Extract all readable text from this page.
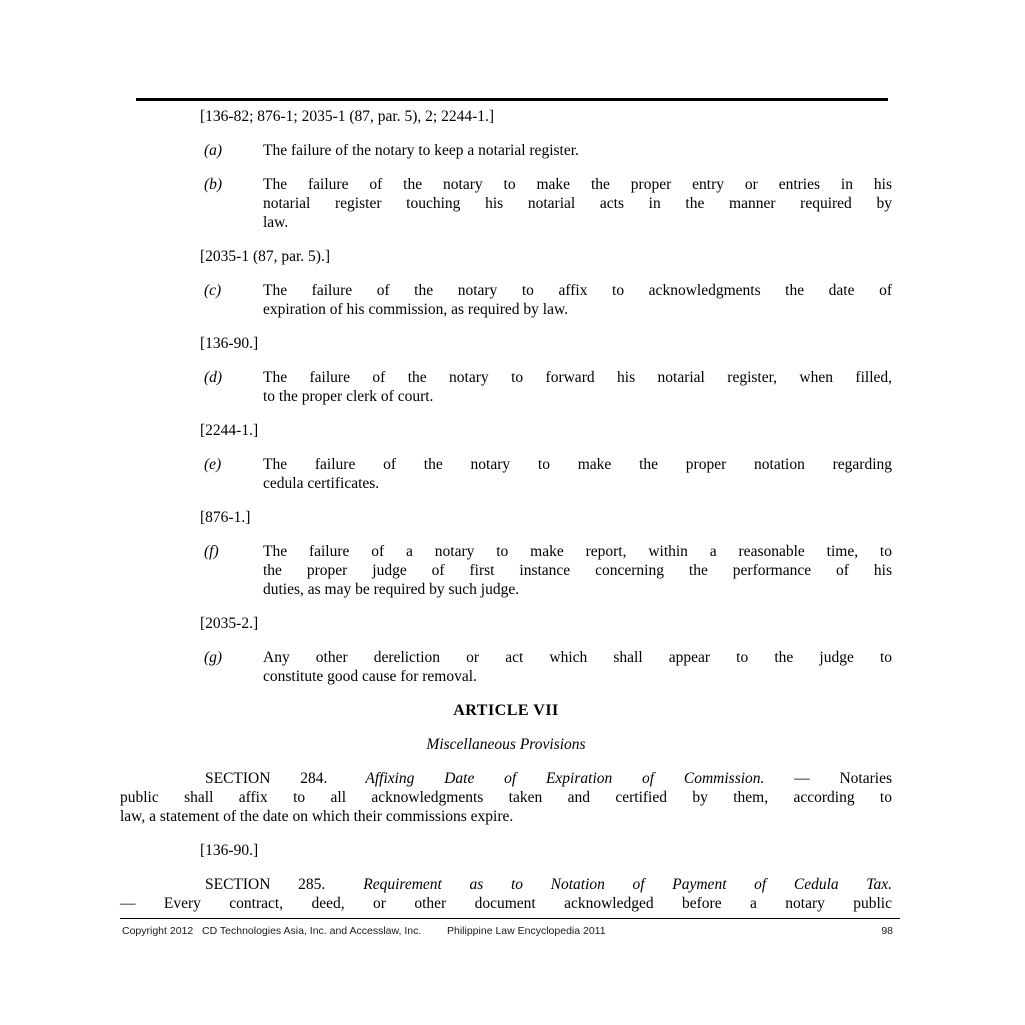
[136-82; 876-1; 2035-1 (87, par. 5), 2; 2244-1.]
(a)	The failure of the notary to keep a notarial register.
(b)	The failure of the notary to make the proper entry or entries in his
notarial register touching his notarial acts in the manner required by
law.
[2035-1 (87, par. 5).]
(c)	The failure of the notary to affix to acknowledgments the date of
expiration of his commission, as required by law.
[136-90.]
(d)	The failure of the notary to forward his notarial register, when filled,
to the proper clerk of court.
[2244-1.]
(e)	The failure of the notary to make the proper notation regarding
cedula certificates.
[876-1.]
(f)	The failure of a notary to make report, within a reasonable time, to
the proper judge of first instance concerning the performance of his
duties, as may be required by such judge.
[2035-2.]
(g)	Any other dereliction or act which shall appear to the judge to
constitute good cause for removal.
ARTICLE VII
Miscellaneous Provisions
SECTION 284. Affixing Date of Expiration of Commission. — Notaries
public shall affix to all acknowledgments taken and certified by them, according to
law, a statement of the date on which their commissions expire.
[136-90.]
SECTION 285. Requirement as to Notation of Payment of Cedula Tax.
— Every contract, deed, or other document acknowledged before a notary public
Copyright 2012 CD Technologies Asia, Inc. and Accesslaw, Inc. Philippine Law Encyclopedia 2011	98
